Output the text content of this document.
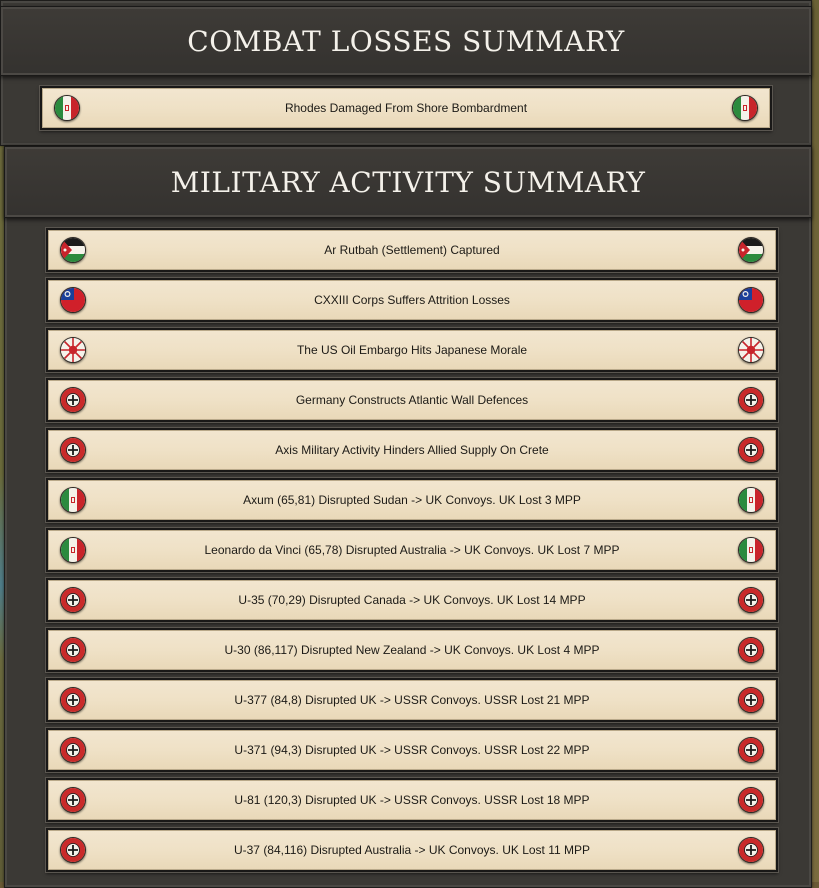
COMBAT LOSSES SUMMARY
Rhodes Damaged From Shore Bombardment
MILITARY ACTIVITY SUMMARY
Ar Rutbah (Settlement) Captured
CXXIII Corps Suffers Attrition Losses
The US Oil Embargo Hits Japanese Morale
Germany Constructs Atlantic Wall Defences
Axis Military Activity Hinders Allied Supply On Crete
Axum (65,81) Disrupted Sudan -> UK Convoys. UK Lost 3 MPP
Leonardo da Vinci (65,78) Disrupted Australia -> UK Convoys. UK Lost 7 MPP
U-35 (70,29) Disrupted Canada -> UK Convoys. UK Lost 14 MPP
U-30 (86,117) Disrupted New Zealand -> UK Convoys. UK Lost 4 MPP
U-377 (84,8) Disrupted UK -> USSR Convoys. USSR Lost 21 MPP
U-371 (94,3) Disrupted UK -> USSR Convoys. USSR Lost 22 MPP
U-81 (120,3) Disrupted UK -> USSR Convoys. USSR Lost 18 MPP
U-37 (84,116) Disrupted Australia -> UK Convoys. UK Lost 11 MPP
